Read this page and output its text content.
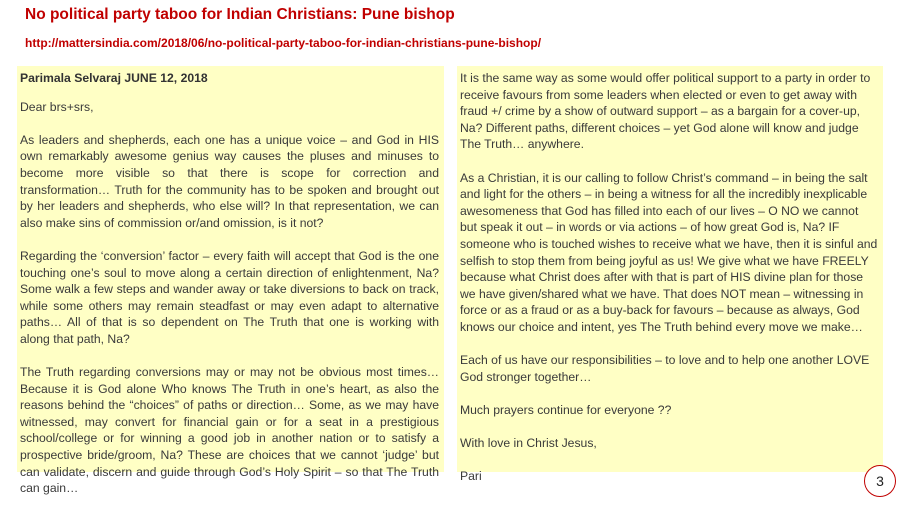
No political party taboo for Indian Christians: Pune bishop
http://mattersindia.com/2018/06/no-political-party-taboo-for-indian-christians-pune-bishop/

Parimala Selvaraj JUNE 12, 2018

Dear brs+srs,

As leaders and shepherds, each one has a unique voice – and God in HIS own remarkably awesome genius way causes the pluses and minuses to become more visible so that there is scope for correction and transformation… Truth for the community has to be spoken and brought out by her leaders and shepherds, who else will? In that representation, we can also make sins of commission or/and omission, is it not?

Regarding the ‘conversion’ factor – every faith will accept that God is the one touching one’s soul to move along a certain direction of enlightenment, Na? Some walk a few steps and wander away or take diversions to back on track, while some others may remain steadfast or may even adapt to alternative paths… All of that is so dependent on The Truth that one is working with along that path, Na?

The Truth regarding conversions may or may not be obvious most times… Because it is God alone Who knows The Truth in one’s heart, as also the reasons behind the “choices” of paths or direction… Some, as we may have witnessed, may convert for financial gain or for a seat in a prestigious school/college or for winning a good job in another nation or to satisfy a prospective bride/groom, Na? These are choices that we cannot ‘judge’ but can validate, discern and guide through God’s Holy Spirit – so that The Truth can gain…

It is the same way as some would offer political support to a party in order to receive favours from some leaders when elected or even to get away with fraud +/ crime by a show of outward support – as a bargain for a cover-up, Na? Different paths, different choices – yet God alone will know and judge The Truth… anywhere.

As a Christian, it is our calling to follow Christ’s command – in being the salt and light for the others – in being a witness for all the incredibly inexplicable awesomeness that God has filled into each of our lives – O NO we cannot but speak it out – in words or via actions – of how great God is, Na? IF someone who is touched wishes to receive what we have, then it is sinful and selfish to stop them from being joyful as us! We give what we have FREELY because what Christ does after with that is part of HIS divine plan for those we have given/shared what we have. That does NOT mean – witnessing in force or as a fraud or as a buy-back for favours – because as always, God knows our choice and intent, yes The Truth behind every move we make…

Each of us have our responsibilities – to love and to help one another LOVE God stronger together…

Much prayers continue for everyone ??

With love in Christ Jesus,

Pari	3
